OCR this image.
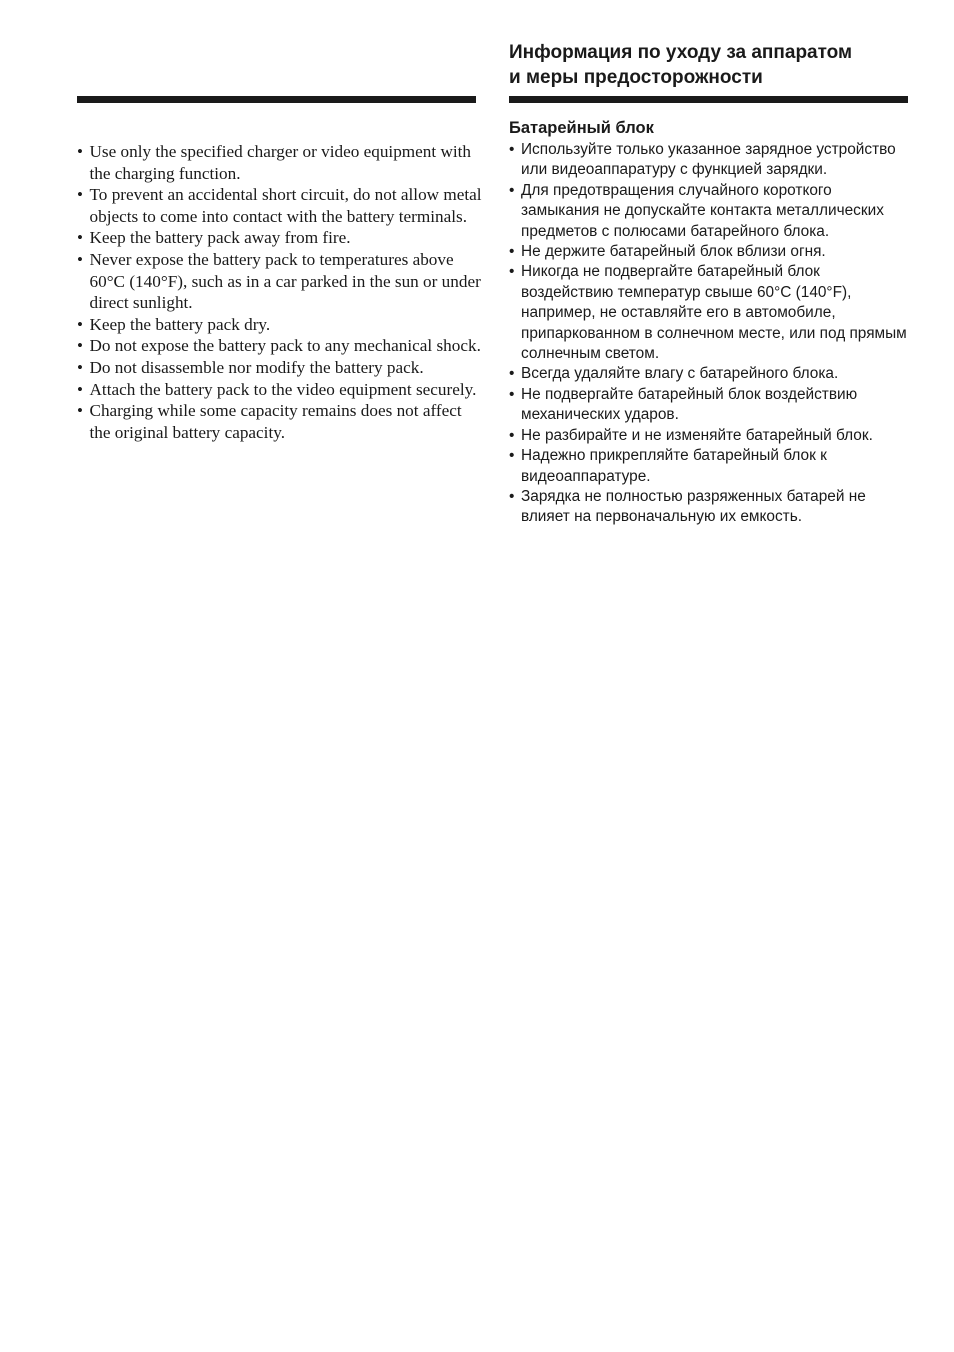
Информация по уходу за аппаратом
и меры предосторожности
• Use only the specified charger or video equipment with the charging function.
• To prevent an accidental short circuit, do not allow metal objects to come into contact with the battery terminals.
• Keep the battery pack away from fire.
• Never expose the battery pack to temperatures above 60°C (140°F), such as in a car parked in the sun or under direct sunlight.
• Keep the battery pack dry.
• Do not expose the battery pack to any mechanical shock.
• Do not disassemble nor modify the battery pack.
• Attach the battery pack to the video equipment securely.
• Charging while some capacity remains does not affect the original battery capacity.
Батарейный блок
• Используйте только указанное зарядное устройство или видеоаппаратуру с функцией зарядки.
• Для предотвращения случайного короткого замыкания не допускайте контакта металлических предметов с полюсами батарейного блока.
• Не держите батарейный блок вблизи огня.
• Никогда не подвергайте батарейный блок воздействию температур свыше 60°C (140°F), например, не оставляйте его в автомобиле, припаркованном в солнечном месте, или под прямым солнечным светом.
• Всегда удаляйте влагу с батарейного блока.
• Не подвергайте батарейный блок воздействию механических ударов.
• Не разбирайте и не изменяйте батарейный блок.
• Надежно прикрепляйте батарейный блок к видеоаппаратуре.
• Зарядка не полностью разряженных батарей не влияет на первоначальную их емкость.
